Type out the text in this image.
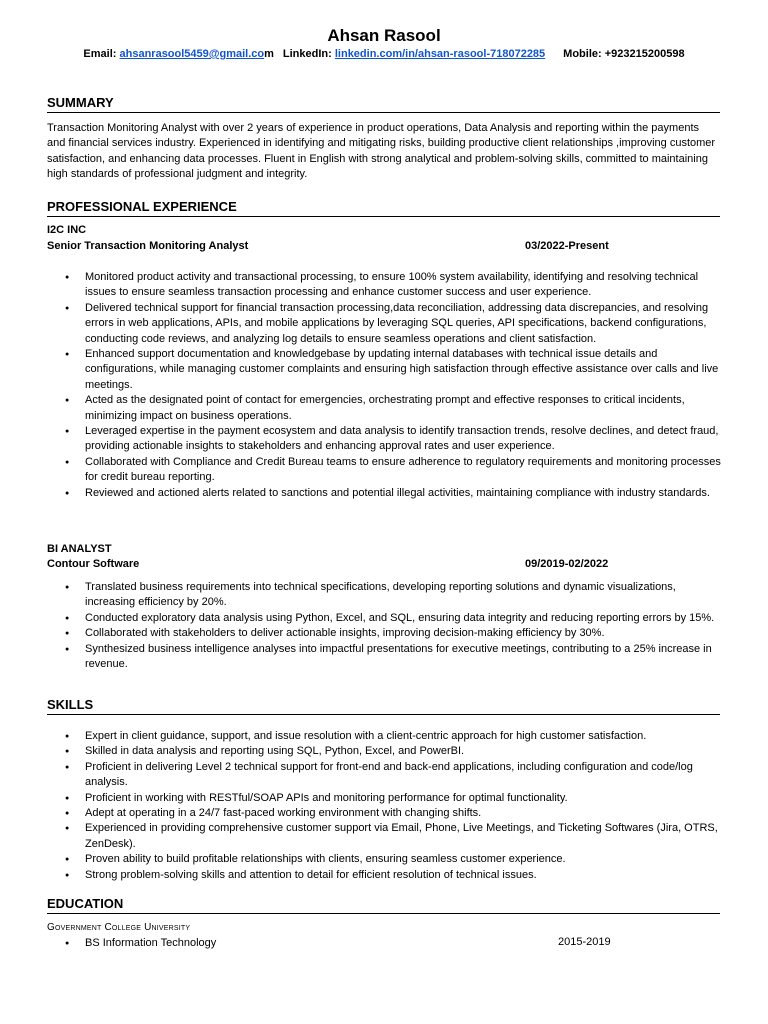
Ahsan Rasool
Email: ahsanrasool5459@gmail.com LinkedIn: linkedin.com/in/ahsan-rasool-718072285 Mobile: +923215200598
SUMMARY
Transaction Monitoring Analyst with over 2 years of experience in product operations, Data Analysis and reporting within the payments and financial services industry. Experienced in identifying and mitigating risks, building productive client relationships ,improving customer satisfaction, and enhancing data processes. Fluent in English with strong analytical and problem-solving skills, committed to maintaining high standards of professional judgment and integrity.
PROFESSIONAL EXPERIENCE
I2C INC
Senior Transaction Monitoring Analyst	03/2022-Present
● Monitored product activity and transactional processing, to ensure 100% system availability, identifying and resolving technical issues to ensure seamless transaction processing and enhance customer success and user experience.
● Delivered technical support for financial transaction processing,data reconciliation, addressing data discrepancies, and resolving errors in web applications, APIs, and mobile applications by leveraging SQL queries, API specifications, backend configurations, conducting code reviews, and analyzing log details to ensure seamless operations and client satisfaction.
● Enhanced support documentation and knowledgebase by updating internal databases with technical issue details and configurations, while managing customer complaints and ensuring high satisfaction through effective assistance over calls and live meetings.
● Acted as the designated point of contact for emergencies, orchestrating prompt and effective responses to critical incidents, minimizing impact on business operations.
● Leveraged expertise in the payment ecosystem and data analysis to identify transaction trends, resolve declines, and detect fraud, providing actionable insights to stakeholders and enhancing approval rates and user experience.
● Collaborated with Compliance and Credit Bureau teams to ensure adherence to regulatory requirements and monitoring processes for credit bureau reporting.
● Reviewed and actioned alerts related to sanctions and potential illegal activities, maintaining compliance with industry standards.
BI ANALYST
Contour Software	09/2019-02/2022
● Translated business requirements into technical specifications, developing reporting solutions and dynamic visualizations, increasing efficiency by 20%.
● Conducted exploratory data analysis using Python, Excel, and SQL, ensuring data integrity and reducing reporting errors by 15%.
● Collaborated with stakeholders to deliver actionable insights, improving decision-making efficiency by 30%.
● Synthesized business intelligence analyses into impactful presentations for executive meetings, contributing to a 25% increase in revenue.
SKILLS
● Expert in client guidance, support, and issue resolution with a client-centric approach for high customer satisfaction.
● Skilled in data analysis and reporting using SQL, Python, Excel, and PowerBI.
● Proficient in delivering Level 2 technical support for front-end and back-end applications, including configuration and code/log analysis.
● Proficient in working with RESTful/SOAP APIs and monitoring performance for optimal functionality.
● Adept at operating in a 24/7 fast-paced working environment with changing shifts.
● Experienced in providing comprehensive customer support via Email, Phone, Live Meetings, and Ticketing Softwares (Jira, OTRS, ZenDesk).
● Proven ability to build profitable relationships with clients, ensuring seamless customer experience.
● Strong problem-solving skills and attention to detail for efficient resolution of technical issues.
EDUCATION
Government College University
● BS Information Technology	2015-2019
